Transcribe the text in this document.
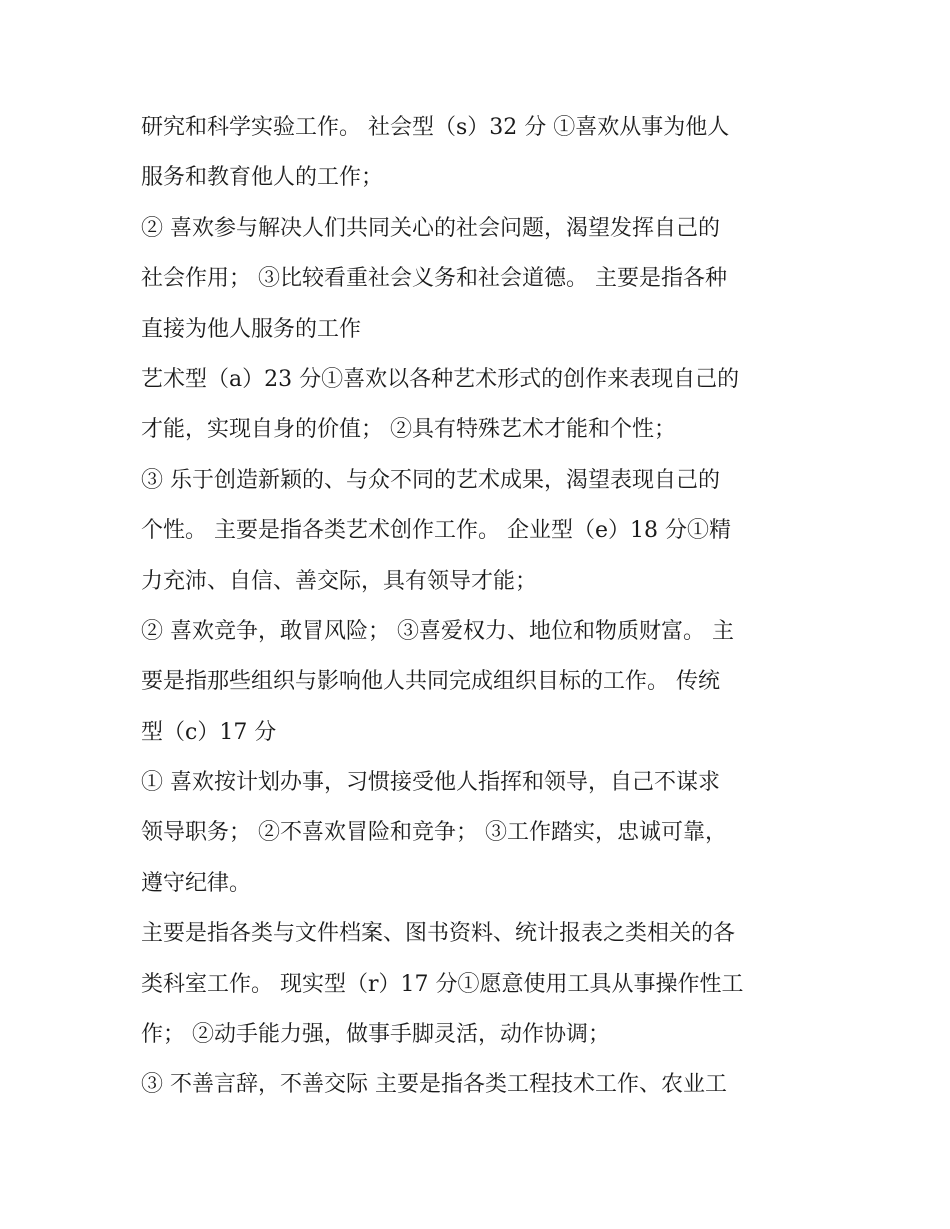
研究和科学实验工作。 社会型（s）32 分 ①喜欢从事为他人
服务和教育他人的工作；
② 喜欢参与解决人们共同关心的社会问题，渴望发挥自己的
社会作用； ③比较看重社会义务和社会道德。 主要是指各种
直接为他人服务的工作
艺术型（a）23 分①喜欢以各种艺术形式的创作来表现自己的
才能，实现自身的价值； ②具有特殊艺术才能和个性；
③ 乐于创造新颖的、与众不同的艺术成果，渴望表现自己的
个性。 主要是指各类艺术创作工作。 企业型（e）18 分①精
力充沛、自信、善交际，具有领导才能；
② 喜欢竞争，敢冒风险； ③喜爱权力、地位和物质财富。 主
要是指那些组织与影响他人共同完成组织目标的工作。 传统
型（c）17 分
① 喜欢按计划办事，习惯接受他人指挥和领导，自己不谋求
领导职务； ②不喜欢冒险和竞争； ③工作踏实，忠诚可靠，
遵守纪律。
主要是指各类与文件档案、图书资料、统计报表之类相关的各
类科室工作。 现实型（r）17 分①愿意使用工具从事操作性工
作； ②动手能力强，做事手脚灵活，动作协调；
③ 不善言辞，不善交际 主要是指各类工程技术工作、农业工
